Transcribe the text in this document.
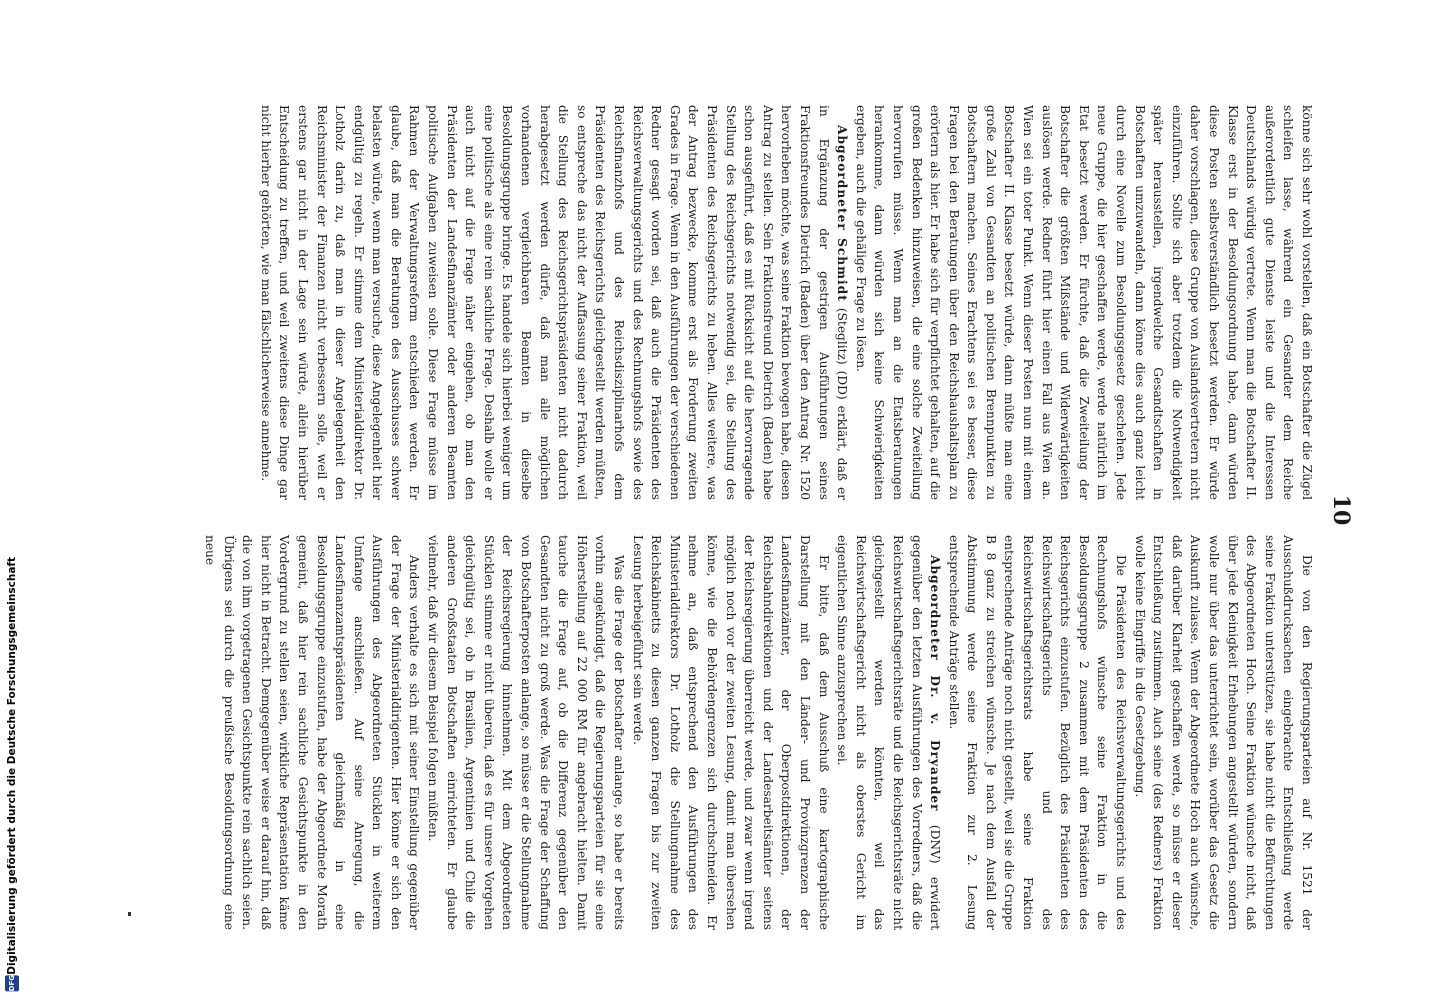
10

könne sich sehr wohl vorstellen, daß ein Botschafter die Zügel schleifen lasse, während ein Gesandter dem Reiche außerordentlich gute Dienste leiste und die Interessen Deutschlands würdig vertrete. Wenn man die Botschafter II. Klasse erst in der Besoldungsordnung habe, dann würden diese Posten selbstverständlich besetzt werden. Er würde daher vorschlagen, diese Gruppe von Auslandsvertretern nicht einzuführen. Sollte sich aber trotzdem die Notwendigkeit später herausstellen, irgendwelche Gesandtschaften in Botschaften umzuwandeln, dann könne dies auch ganz leicht durch eine Novelle zum Besoldungsgesetz geschehen. Jede neue Gruppe, die hier geschaffen werde, werde natürlich im Etat besetzt werden. Er fürchte, daß die Zweiteilung der Botschafter die größten Mißstände und Widerwärtigkeiten auslösen werde. Redner führt hier einen Fall aus Wien an. Wien sei ein toter Punkt. Wenn dieser Posten nun mit einem Botschafter II. Klasse besetzt würde, dann müßte man eine große Zahl von Gesandten an politischen Brennpunkten zu Botschaftern machen. Seines Erachtens sei es besser, diese Fragen bei den Beratungen über den Reichshaushaltsplan zu erörtern als hier. Er habe sich für verpflichtet gehalten, auf die großen Bedenken hinzuweisen, die eine solche Zweiteilung hervorrufen müsse. Wenn man an die Etatsberatungen herankomme, dann würden sich keine Schwierigkeiten ergeben, auch die gehälige Frage zu lösen.

Abgeordneter Schmidt (Steglitz) (DD) erklärt, daß er in Ergänzung der gestrigen Ausführungen seines Fraktionsfreundes Dietrich (Baden) über den Antrag Nr. 1520 hervorheben möchte, was seine Fraktion bewogen habe, diesen Antrag zu stellen. Sein Fraktionsfreund Dietrich (Baden) habe schon ausgeführt, daß es mit Rücksicht auf die hervorragende Stellung des Reichsgerichts notwendig sei, die Stellung des Präsidenten des Reichsgerichts zu heben. Alles weitere, was der Antrag bezwecke, komme erst als Forderung zweiten Grades in Frage. Wenn in den Ausführungen der verschiedenen Redner gesagt worden sei, daß auch die Präsidenten des Reichsverwaltungsgerichts und des Rechnungshofs sowie des Reichsfinanzhofs und des Reichsdisziplinarhofs dem Präsidenten des Reichsgerichts gleichgestellt werden müßten, so entspreche das nicht der Auffassung seiner Fraktion, weil die Stellung des Reichsgerichtspräsidenten nicht dadurch herabgesetzt werden dürfe, daß man alle möglichen vorhandenen vergleichbaren Beamten in dieselbe Besoldungsgruppe bringe. Es handele sich hierbei weniger um eine politische als eine rein sachliche Frage. Deshalb wolle er auch nicht auf die Frage näher eingehen, ob man den Präsidenten der Landesfinanzämter oder anderen Beamten politische Aufgaben zuweisen solle. Diese Frage müsse im Rahmen der Verwaltungsreform entschieden werden. Er glaube, daß man die Beratungen des Ausschusses schwer belasten würde, wenn man versuche, diese Angelegenheit hier endgültig zu regeln. Er stimme dem Ministerialdirektor Dr. Lotholz darin zu, daß man in dieser Angelegenheit den Reichsminister der Finanzen nicht verbessern solle, weil er erstens gar nicht in der Lage sein würde, allein hierüber Entscheidung zu treffen, und weil zweitens diese Dinge gar nicht hierher gehörten, wie man fälschlicherweise annehme.

Die von den Regierungsparteien auf Nr. 1521 der Ausschußdrucksachen eingebrachte Entschließung werde seine Fraktion unterstützen, sie habe nicht die Befürchtungen des Abgeordneten Hoch. Seine Fraktion wünsche nicht, daß über jede Kleinigkeit Erhebungen angestellt würden, sondern wolle nur über das unterrichtet sein, worüber das Gesetz die Auskunft zulasse. Wenn der Abgeordnete Hoch auch wünsche, daß darüber Klarheit geschaffen werde, so müsse er dieser Entschließung zustimmen. Auch seine (des Redners) Fraktion wolle keine Eingriffe in die Gesetzgebung.

Die Präsidenten des Reichsverwaltungsgerichts und des Rechnungshofs wünsche seine Fraktion in die Besoldungsgruppe 2 zusammen mit dem Präsidenten des Reichsgerichts einzustufen. Bezüglich des Präsidenten des Reichswirtschaftsgerichts und des Reichswirtschaftsgerichtsrats habe seine Fraktion entsprechende Anträge noch nicht gestellt, weil sie die Gruppe B 8 ganz zu streichen wünsche. Je nach dem Ausfall der Abstimmung werde seine Fraktion zur 2. Lesung entsprechende Anträge stellen.

Abgeordneter Dr. v. Dryander (DNV) erwidert gegenüber den letzten Ausführungen des Vorredners, daß die Reichswirtschaftsgerichtsräte und die Reichsgerichtsräte nicht gleichgestellt werden könnten, weil das Reichswirtschaftsgericht nicht als oberstes Gericht im eigentlichen Sinne anzusprechen sei.

Er bitte, daß dem Ausschuß eine kartographische Darstellung mit den Länder- und Provinzgrenzen der Landesfinanzämter, der Oberpostdirektionen, der Reichsbahndirektionen und der Landesarbeitsämter seitens der Reichsregierung überreicht werde, und zwar wenn irgend möglich noch vor der zweiten Lesung, damit man übersehen könne, wie die Behördengrenzen sich durchschneiden. Er nehme an, daß entsprechend den Ausführungen des Ministerialdirektors Dr. Lotholz die Stellungnahme des Reichskabinetts zu diesen ganzen Fragen bis zur zweiten Lesung herbeigeführt sein werde.

Was die Frage der Botschafter anlange, so habe er bereits vorhin angekündigt, daß die Regierungsparteien für sie eine Höherstellung auf 22 000 RM für angebracht hielten. Damit tauche die Frage auf, ob die Differenz gegenüber den Gesandten nicht zu groß werde. Was die Frage der Schaffung von Botschafterposten anlange, so müsse er die Stellungnahme der Reichsregierung hinnehmen. Mit dem Abgeordneten Stücklen stimme er nicht überein, daß es für unsere Vorgehen gleichgültig sei, ob in Brasilien, Argentinien und Chile die anderen Großstaaten Botschaften einrichteten. Er glaube vielmehr, daß wir diesem Beispiel folgen müßten.

Anders verhalte es sich mit seiner Einstellung gegenüber der Frage der Ministerialdirigenten. Hier könne er sich den Ausführungen des Abgeordneten Stücklen in weiterem Umfange anschließen. Auf seine Anregung, die Landesfinanzamtspräsidenten gleichmäßig in eine Besoldungsgruppe einzustufen, habe der Abgeordnete Morath gemeint, daß hier rein sachliche Gesichtspunkte in den Vordergrund zu stellen seien, wirkliche Repräsentation käme hier nicht in Betracht. Demgegenüber weise er darauf hin, daß die von ihm vorgetragenen Gesichtspunkte rein sachlich seien. Übrigens sei durch die preußische Besoldungsordnung eine neue

DFG
Digitalisierung gefördert durch die Deutsche Forschungsgemeinschaft
